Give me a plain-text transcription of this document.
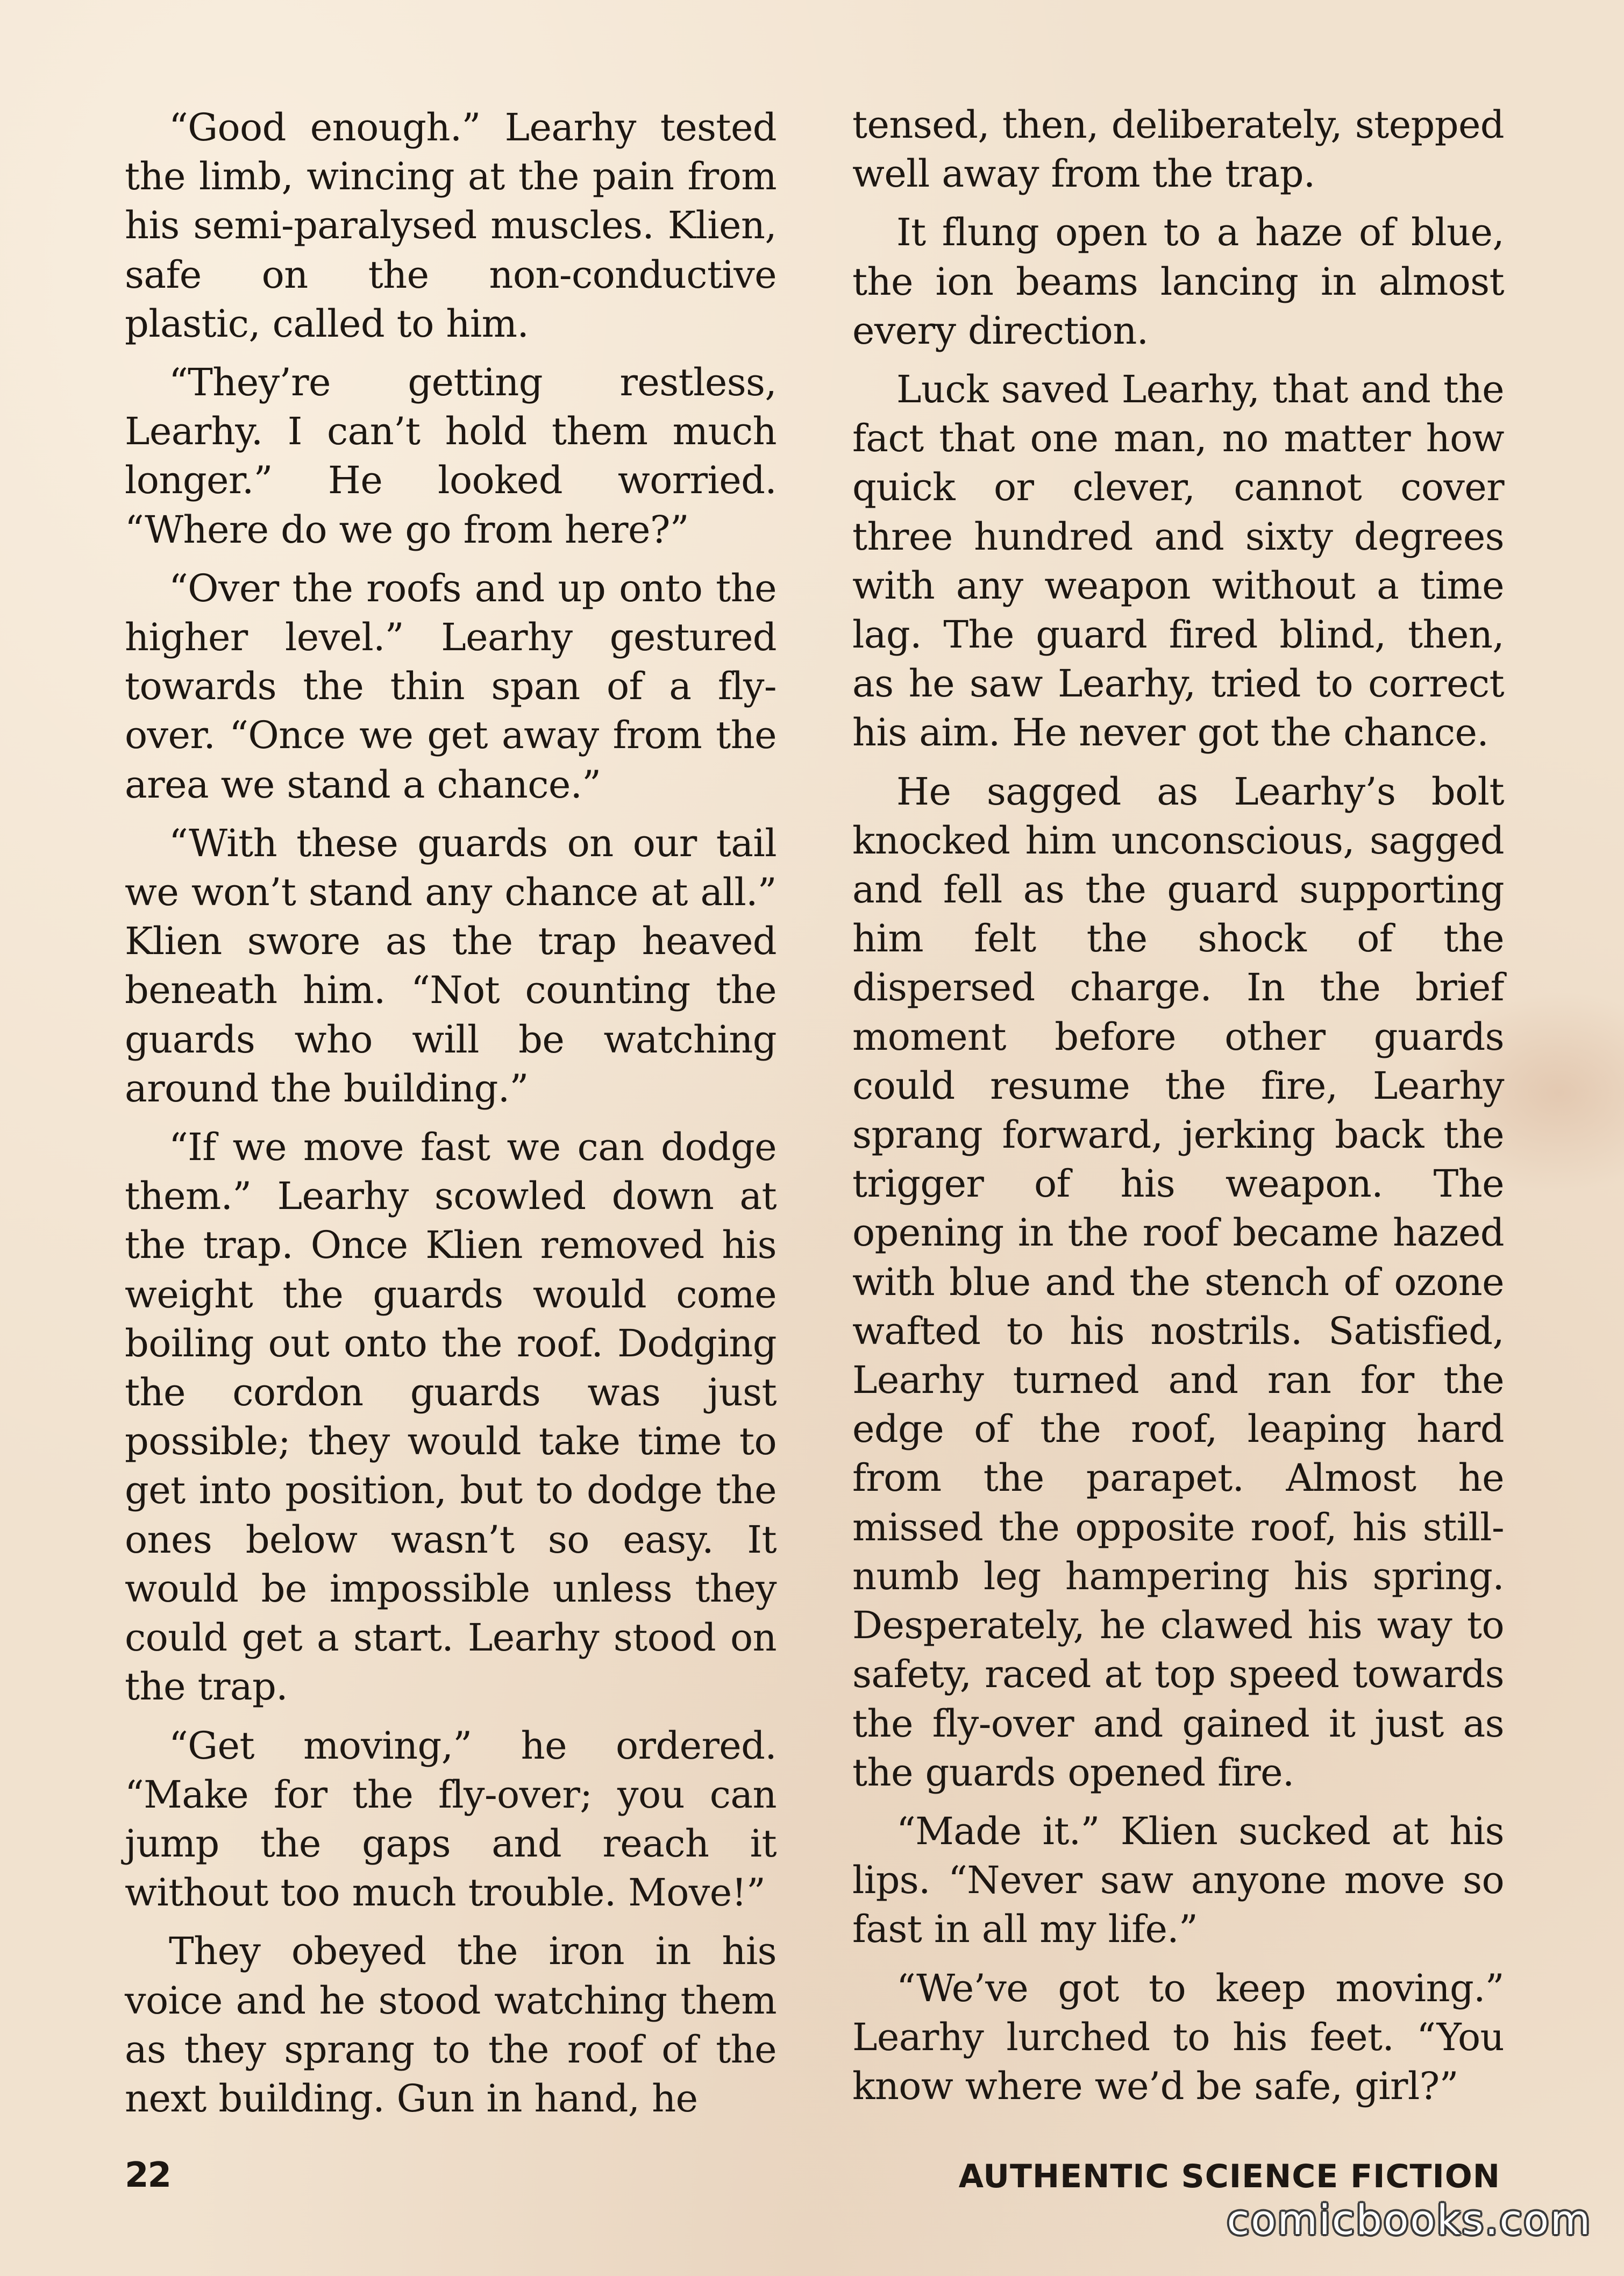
“Good enough.” Learhy tested the limb, wincing at the pain from his semi-paralysed muscles. Klien, safe on the non-conductive plastic, called to him.

“They’re getting restless, Learhy. I can’t hold them much longer.” He looked worried. “Where do we go from here?”

“Over the roofs and up onto the higher level.” Learhy gestured towards the thin span of a fly-over. “Once we get away from the area we stand a chance.”

“With these guards on our tail we won’t stand any chance at all.” Klien swore as the trap heaved beneath him. “Not counting the guards who will be watching around the building.”

“If we move fast we can dodge them.” Learhy scowled down at the trap. Once Klien removed his weight the guards would come boiling out onto the roof. Dodging the cordon guards was just possible; they would take time to get into position, but to dodge the ones below wasn’t so easy. It would be impossible unless they could get a start. Learhy stood on the trap.

“Get moving,” he ordered. “Make for the fly-over; you can jump the gaps and reach it without too much trouble. Move!”

They obeyed the iron in his voice and he stood watching them as they sprang to the roof of the next building. Gun in hand, he

tensed, then, deliberately, stepped well away from the trap.

It flung open to a haze of blue, the ion beams lancing in almost every direction.

Luck saved Learhy, that and the fact that one man, no matter how quick or clever, cannot cover three hundred and sixty degrees with any weapon without a time lag. The guard fired blind, then, as he saw Learhy, tried to correct his aim. He never got the chance.

He sagged as Learhy’s bolt knocked him unconscious, sagged and fell as the guard supporting him felt the shock of the dispersed charge. In the brief moment before other guards could resume the fire, Learhy sprang forward, jerking back the trigger of his weapon. The opening in the roof became hazed with blue and the stench of ozone wafted to his nostrils. Satisfied, Learhy turned and ran for the edge of the roof, leaping hard from the parapet. Almost he missed the opposite roof, his still-numb leg hampering his spring. Desperately, he clawed his way to safety, raced at top speed towards the fly-over and gained it just as the guards opened fire.

“Made it.” Klien sucked at his lips. “Never saw anyone move so fast in all my life.”

“We’ve got to keep moving.” Learhy lurched to his feet. “You know where we’d be safe, girl?”

22	AUTHENTIC SCIENCE FICTION
comicbooks.com
